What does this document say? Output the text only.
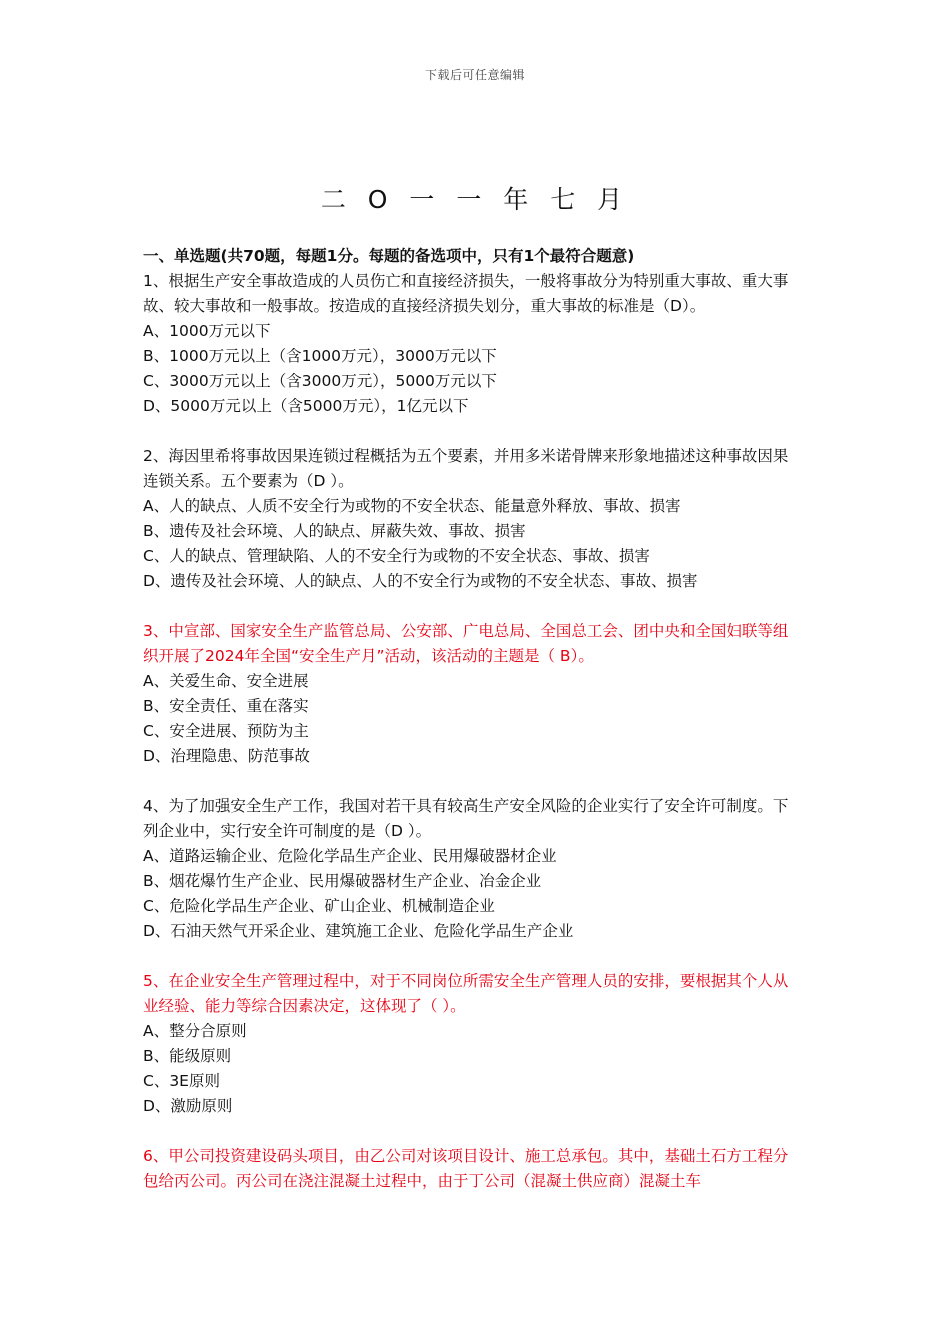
下载后可任意编辑
二 O 一 一 年 七 月

一、单选题(共70题，每题1分。每题的备选项中，只有1个最符合题意)

1、根据生产安全事故造成的人员伤亡和直接经济损失，一般将事故分为特别重大事故、重大事故、较大事故和一般事故。按造成的直接经济损失划分，重大事故的标准是（D）。

A、1000万元以下

B、1000万元以上（含1000万元），3000万元以下

C、3000万元以上（含3000万元），5000万元以下

D、5000万元以上（含5000万元），1亿元以下

2、海因里希将事故因果连锁过程概括为五个要素，并用多米诺骨牌来形象地描述这种事故因果连锁关系。五个要素为（D ）。

A、人的缺点、人质不安全行为或物的不安全状态、能量意外释放、事故、损害

B、遗传及社会环境、人的缺点、屏蔽失效、事故、损害

C、人的缺点、管理缺陷、人的不安全行为或物的不安全状态、事故、损害

D、遗传及社会环境、人的缺点、人的不安全行为或物的不安全状态、事故、损害

3、中宣部、国家安全生产监管总局、公安部、广电总局、全国总工会、团中央和全国妇联等组织开展了2024年全国“安全生产月”活动，该活动的主题是（ B）。

A、关爱生命、安全进展

B、安全责任、重在落实

C、安全进展、预防为主

D、治理隐患、防范事故

4、为了加强安全生产工作，我国对若干具有较高生产安全风险的企业实行了安全许可制度。下列企业中，实行安全许可制度的是（D ）。

A、道路运输企业、危险化学品生产企业、民用爆破器材企业

B、烟花爆竹生产企业、民用爆破器材生产企业、冶金企业

C、危险化学品生产企业、矿山企业、机械制造企业

D、石油天然气开采企业、建筑施工企业、危险化学品生产企业

5、在企业安全生产管理过程中，对于不同岗位所需安全生产管理人员的安排，要根据其个人从业经验、能力等综合因素决定，这体现了（ ）。

A、整分合原则

B、能级原则

C、3E原则

D、激励原则

6、甲公司投资建设码头项目，由乙公司对该项目设计、施工总承包。其中，基础土石方工程分包给丙公司。丙公司在浇注混凝土过程中，由于丁公司（混凝土供应商）混凝土车
